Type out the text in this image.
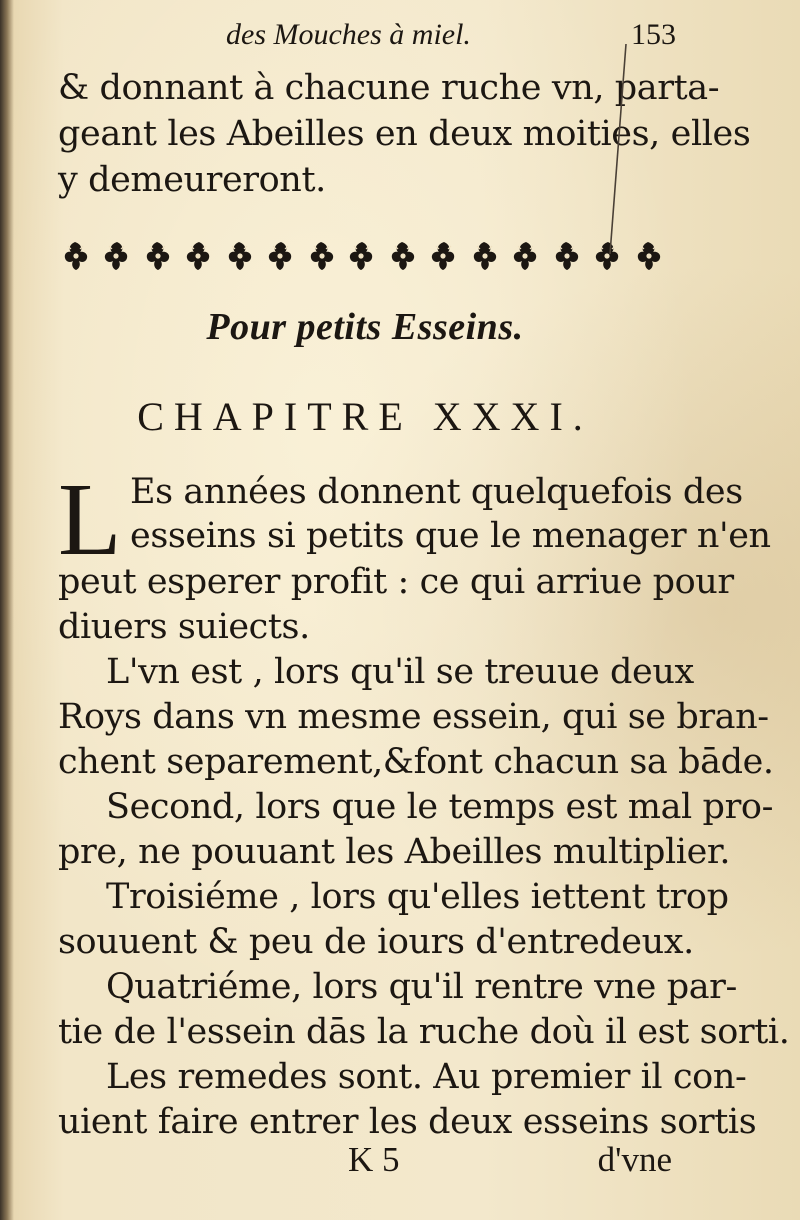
des Mouches à miel.	153
& donnant à chacune ruche vn, parta-
geant les Abeilles en deux moities, elles
y demeureront.
Pour petits Esseins.
CHAPITRE XXXI.
L Es années donnent quelquefois des
esseins si petits que le menager n'en
peut esperer profit : ce qui arriue pour
diuers suiects.
L'vn est , lors qu'il se treuue deux
Roys dans vn mesme essein, qui se bran-
chent separement,&font chacun sa bāde.
Second, lors que le temps est mal pro-
pre, ne pouuant les Abeilles multiplier.
Troisiéme , lors qu'elles iettent trop
souuent & peu de iours d'entredeux.
Quatriéme, lors qu'il rentre vne par-
tie de l'essein dās la ruche doù il est sorti.
Les remedes sont. Au premier il con-
uient faire entrer les deux esseins sortis
K 5	d'vne
